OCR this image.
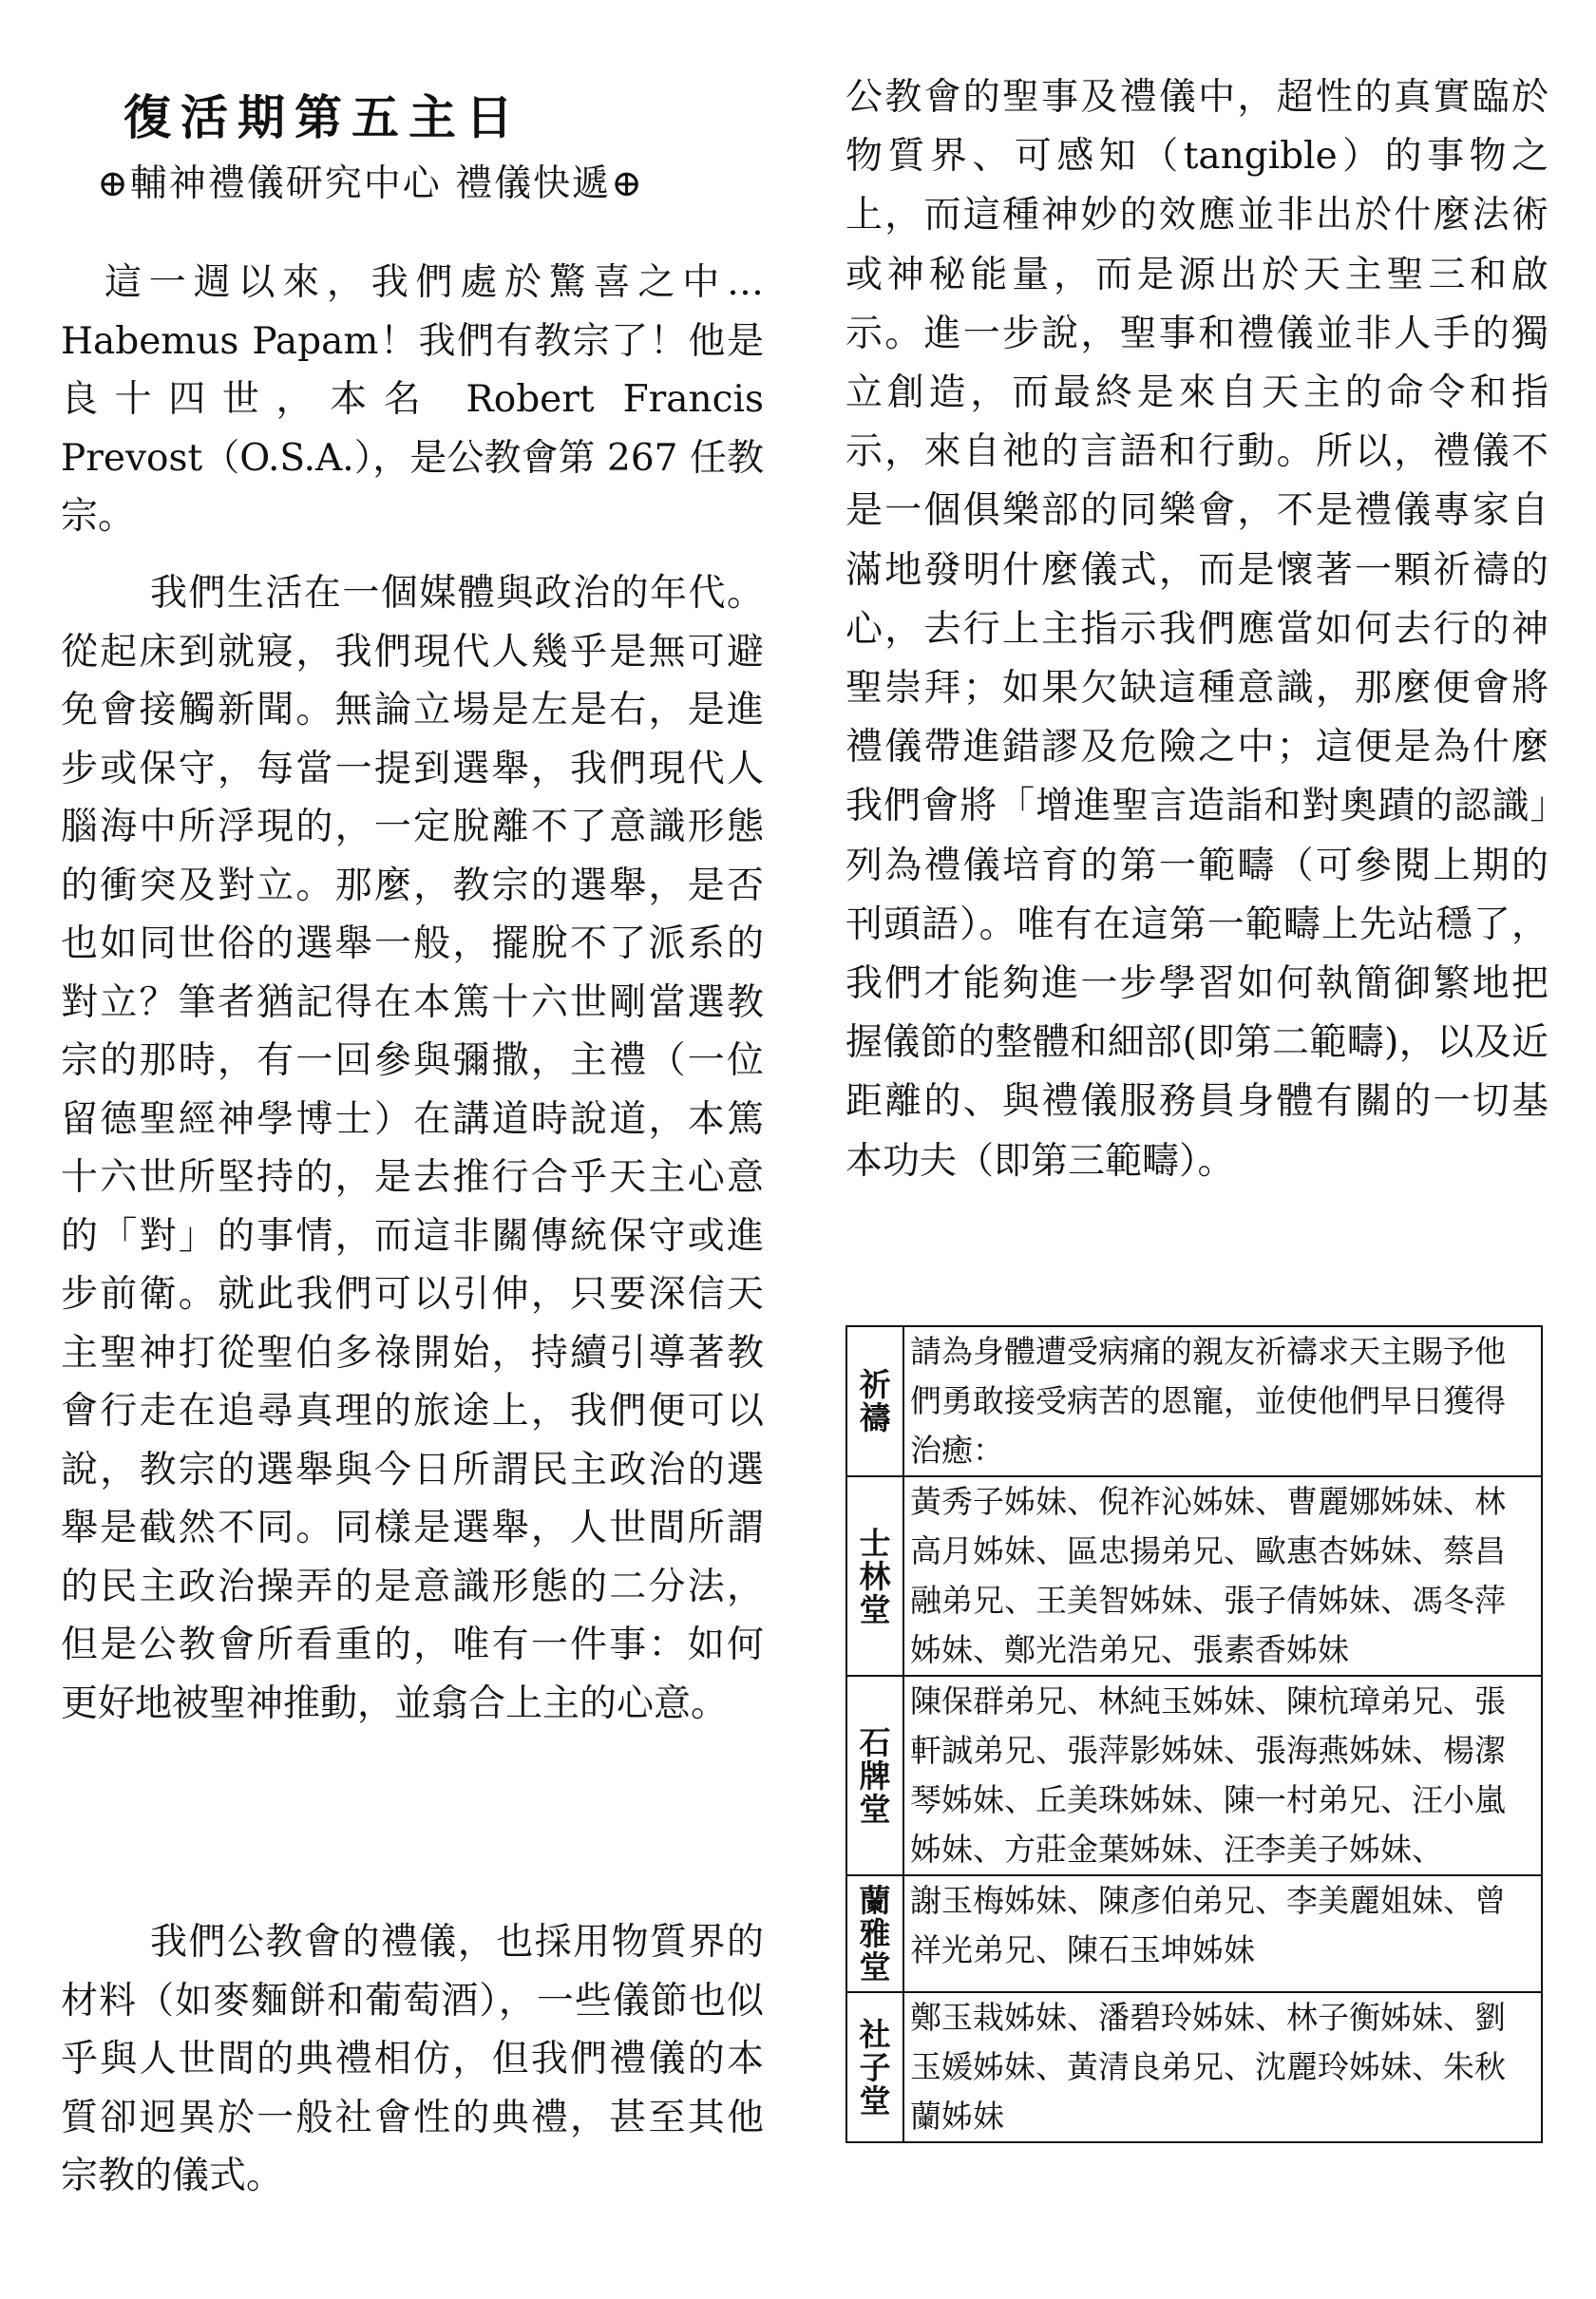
復活期第五主日
⊕輔神禮儀研究中心 禮儀快遞⊕
這一週以來，我們處於驚喜之中… Habemus Papam！我們有教宗了！他是良十四世，本名 Robert Francis Prevost（O.S.A.），是公教會第 267 任教宗。
我們生活在一個媒體與政治的年代。從起床到就寢，我們現代人幾乎是無可避免會接觸新聞。無論立場是左是右，是進步或保守，每當一提到選舉，我們現代人腦海中所浮現的，一定脫離不了意識形態的衝突及對立。那麼，教宗的選舉，是否也如同世俗的選舉一般，擺脫不了派系的對立？筆者猶記得在本篤十六世剛當選教宗的那時，有一回參與彌撒，主禮（一位留德聖經神學博士）在講道時說道，本篤十六世所堅持的，是去推行合乎天主心意的「對」的事情，而這非關傳統保守或進步前衛。就此我們可以引伸，只要深信天主聖神打從聖伯多祿開始，持續引導著教會行走在追尋真理的旅途上，我們便可以說，教宗的選舉與今日所謂民主政治的選舉是截然不同。同樣是選舉，人世間所謂的民主政治操弄的是意識形態的二分法，但是公教會所看重的，唯有一件事：如何更好地被聖神推動，並翕合上主的心意。
我們公教會的禮儀，也採用物質界的材料（如麥麵餅和葡萄酒），一些儀節也似乎與人世間的典禮相仿，但我們禮儀的本質卻迥異於一般社會性的典禮，甚至其他宗教的儀式。
公教會的聖事及禮儀中，超性的真實臨於物質界、可感知（tangible）的事物之上，而這種神妙的效應並非出於什麼法術或神秘能量，而是源出於天主聖三和啟示。進一步說，聖事和禮儀並非人手的獨立創造，而最終是來自天主的命令和指示，來自祂的言語和行動。所以，禮儀不是一個俱樂部的同樂會，不是禮儀專家自滿地發明什麼儀式，而是懷著一顆祈禱的心，去行上主指示我們應當如何去行的神聖崇拜；如果欠缺這種意識，那麼便會將禮儀帶進錯謬及危險之中；這便是為什麼我們會將「增進聖言造詣和對奧蹟的認識」列為禮儀培育的第一範疇（可參閱上期的刊頭語）。唯有在這第一範疇上先站穩了，我們才能夠進一步學習如何執簡御繁地把握儀節的整體和細部(即第二範疇)，以及近距離的、與禮儀服務員身體有關的一切基本功夫（即第三範疇）。
祈禱	請為身體遭受病痛的親友祈禱求天主賜予他們勇敢接受病苦的恩寵，並使他們早日獲得治癒：

士林堂	黃秀子姊妹、倪祚沁姊妹、曹麗娜姊妹、林高月姊妹、區忠揚弟兄、歐惠杏姊妹、蔡昌融弟兄、王美智姊妹、張子倩姊妹、馮冬萍姊妹、鄭光浩弟兄、張素香姊妹

石牌堂	陳保群弟兄、林純玉姊妹、陳杭璋弟兄、張軒誠弟兄、張萍影姊妹、張海燕姊妹、楊潔琴姊妹、丘美珠姊妹、陳一村弟兄、汪小嵐姊妹、方莊金葉姊妹、汪李美子姊妹、

蘭雅堂	謝玉梅姊妹、陳彥伯弟兄、李美麗姐妹、曾祥光弟兄、陳石玉坤姊妹

社子堂	鄭玉栽姊妹、潘碧玲姊妹、林子衡姊妹、劉玉媛姊妹、黃清良弟兄、沈麗玲姊妹、朱秋蘭姊妹
